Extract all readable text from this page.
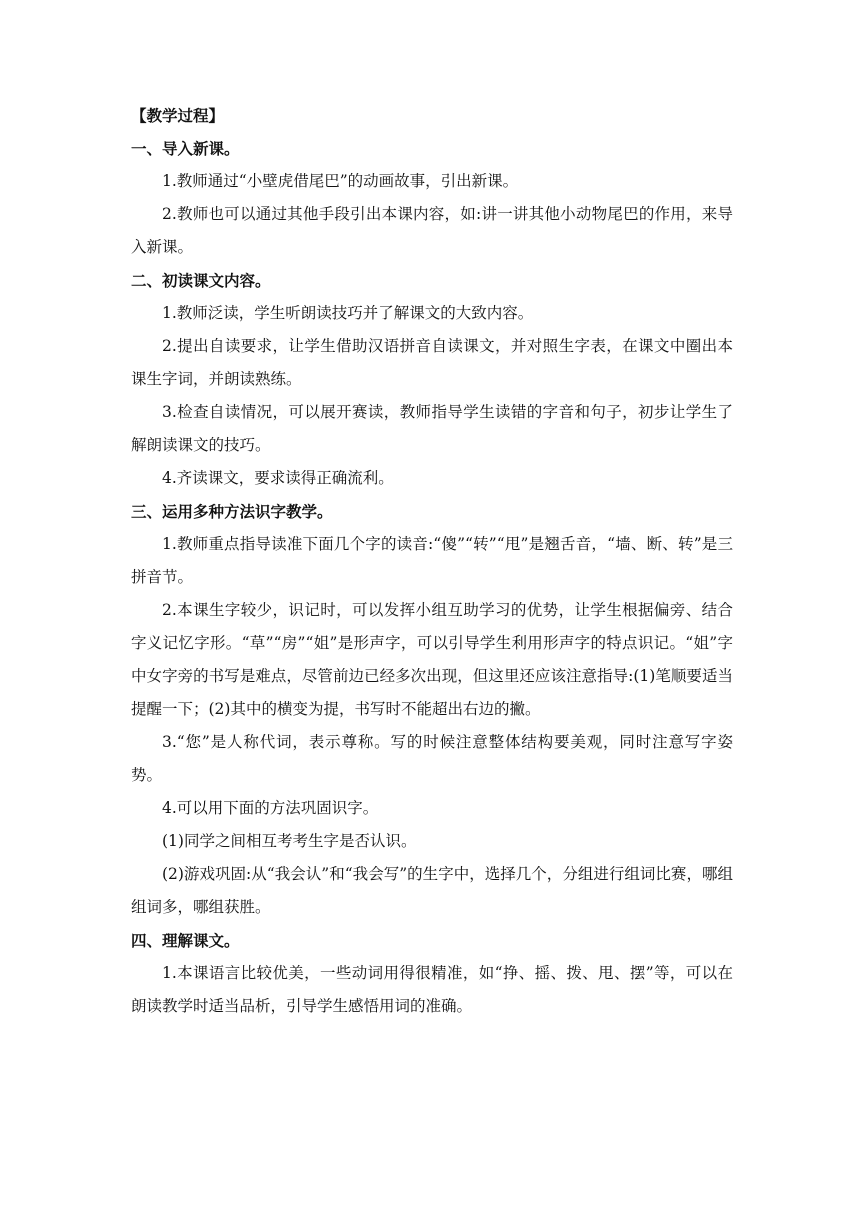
【教学过程】
一、导入新课。

1.教师通过“小壁虎借尾巴”的动画故事，引出新课。

2.教师也可以通过其他手段引出本课内容，如:讲一讲其他小动物尾巴的作用，来导入新课。

二、初读课文内容。

1.教师泛读，学生听朗读技巧并了解课文的大致内容。

2.提出自读要求，让学生借助汉语拼音自读课文，并对照生字表，在课文中圈出本课生字词，并朗读熟练。

3.检查自读情况，可以展开赛读，教师指导学生读错的字音和句子，初步让学生了解朗读课文的技巧。

4.齐读课文，要求读得正确流利。

三、运用多种方法识字教学。

1.教师重点指导读准下面几个字的读音:“傻”“转”“甩”是翘舌音，“墙、断、转”是三拼音节。

2.本课生字较少，识记时，可以发挥小组互助学习的优势，让学生根据偏旁、结合字义记忆字形。“草”“房”“姐”是形声字，可以引导学生利用形声字的特点识记。“姐”字中女字旁的书写是难点，尽管前边已经多次出现，但这里还应该注意指导:(1)笔顺要适当提醒一下；(2)其中的横变为提，书写时不能超出右边的撇。

3.“您”是人称代词，表示尊称。写的时候注意整体结构要美观，同时注意写字姿势。

4.可以用下面的方法巩固识字。

(1)同学之间相互考考生字是否认识。

(2)游戏巩固:从“我会认”和“我会写”的生字中，选择几个，分组进行组词比赛，哪组组词多，哪组获胜。

四、理解课文。

1.本课语言比较优美，一些动词用得很精准，如“挣、摇、拨、甩、摆”等，可以在朗读教学时适当品析，引导学生感悟用词的准确。
